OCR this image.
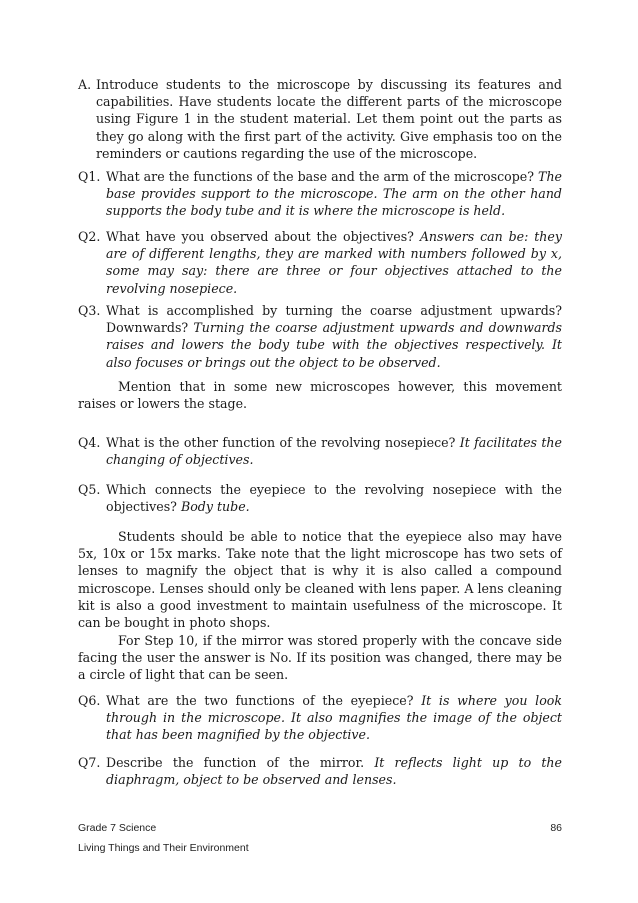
A. Introduce students to the microscope by discussing its features and capabilities. Have students locate the different parts of the microscope using Figure 1 in the student material. Let them point out the parts as they go along with the first part of the activity. Give emphasis too on the reminders or cautions regarding the use of the microscope.
Q1. What are the functions of the base and the arm of the microscope? The base provides support to the microscope. The arm on the other hand supports the body tube and it is where the microscope is held.
Q2. What have you observed about the objectives? Answers can be: they are of different lengths, they are marked with numbers followed by x, some may say: there are three or four objectives attached to the revolving nosepiece.
Q3. What is accomplished by turning the coarse adjustment upwards? Downwards? Turning the coarse adjustment upwards and downwards raises and lowers the body tube with the objectives respectively. It also focuses or brings out the object to be observed.
Mention that in some new microscopes however, this movement raises or lowers the stage.
Q4. What is the other function of the revolving nosepiece? It facilitates the changing of objectives.
Q5. Which connects the eyepiece to the revolving nosepiece with the objectives? Body tube.
Students should be able to notice that the eyepiece also may have 5x, 10x or 15x marks. Take note that the light microscope has two sets of lenses to magnify the object that is why it is also called a compound microscope. Lenses should only be cleaned with lens paper. A lens cleaning kit is also a good investment to maintain usefulness of the microscope. It can be bought in photo shops.
For Step 10, if the mirror was stored properly with the concave side facing the user the answer is No. If its position was changed, there may be a circle of light that can be seen.
Q6. What are the two functions of the eyepiece? It is where you look through in the microscope. It also magnifies the image of the object that has been magnified by the objective.
Q7. Describe the function of the mirror. It reflects light up to the diaphragm, object to be observed and lenses.
Grade 7 Science
Living Things and Their Environment
86
